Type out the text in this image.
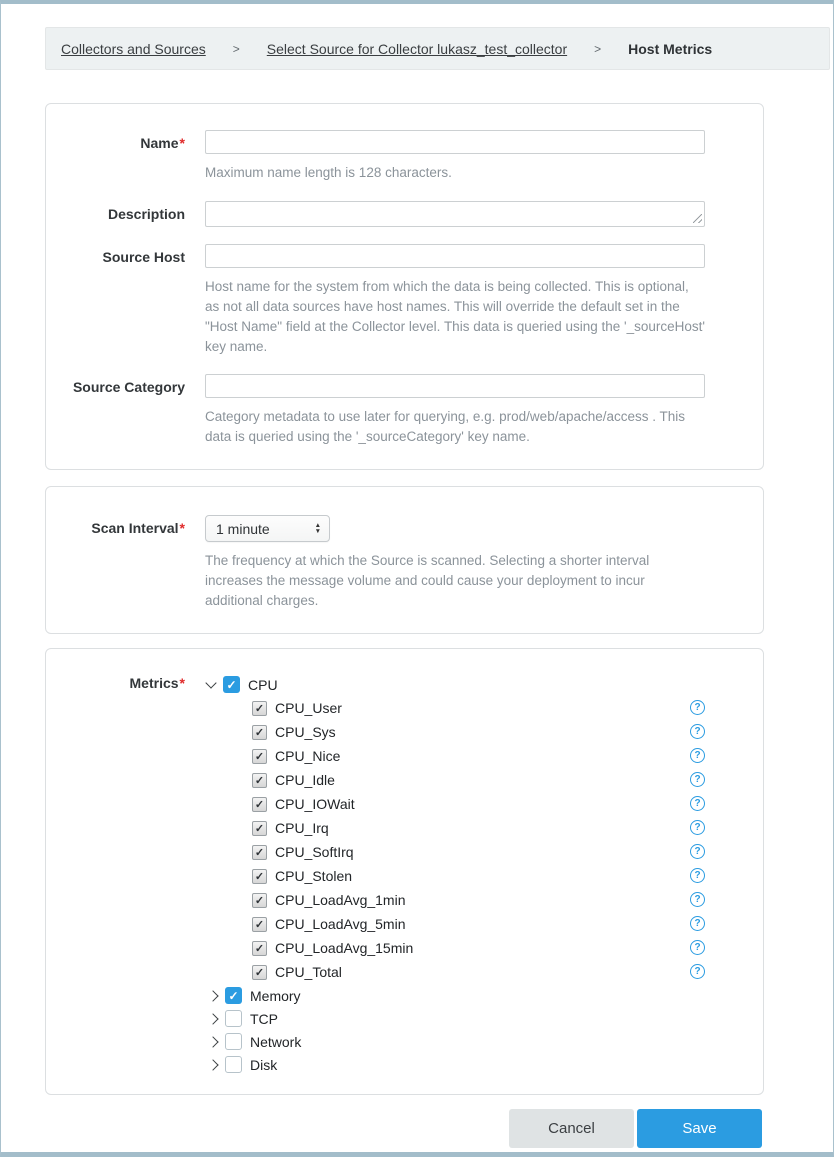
Collectors and Sources > Select Source for Collector lukasz_test_collector > Host Metrics
Name*
Maximum name length is 128 characters.
Description
Source Host
Host name for the system from which the data is being collected. This is optional, as not all data sources have host names. This will override the default set in the "Host Name" field at the Collector level. This data is queried using the '_sourceHost' key name.
Source Category
Category metadata to use later for querying, e.g. prod/web/apache/access . This data is queried using the '_sourceCategory' key name.
Scan Interval*	1 minute	▲
▼
The frequency at which the Source is scanned. Selecting a shorter interval increases the message volume and could cause your deployment to incur additional charges.
Metrics*	✓ CPU
✓ CPU_User	?
✓ CPU_Sys	?
✓ CPU_Nice	?
✓ CPU_Idle	?
✓ CPU_IOWait	?
✓ CPU_Irq	?
✓ CPU_SoftIrq	?
✓ CPU_Stolen	?
✓ CPU_LoadAvg_1min	?
✓ CPU_LoadAvg_5min	?
✓ CPU_LoadAvg_15min	?
✓ CPU_Total	?
✓ Memory
TCP
Network
Disk
Cancel	Save
